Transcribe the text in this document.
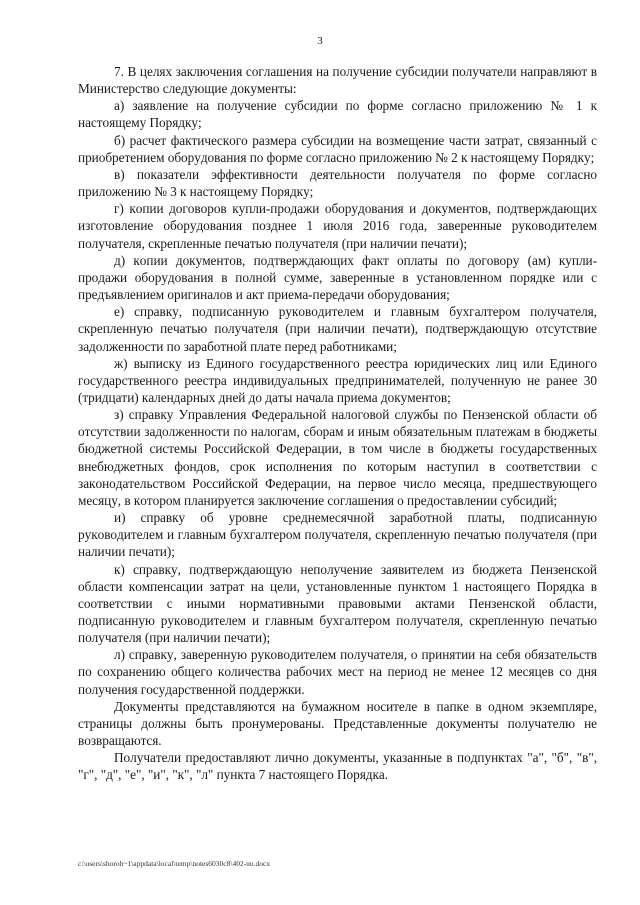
3

7. В целях заключения соглашения на получение субсидии получатели направляют в Министерство следующие документы:

а) заявление на получение субсидии по форме согласно приложению № 1 к настоящему Порядку;

б) расчет фактического размера субсидии на возмещение части затрат, связанный с приобретением оборудования по форме согласно приложению № 2 к настоящему Порядку;

в) показатели эффективности деятельности получателя по форме согласно приложению № 3 к настоящему Порядку;

г) копии договоров купли-продажи оборудования и документов, подтверждающих изготовление оборудования позднее 1 июля 2016 года, заверенные руководителем получателя, скрепленные печатью получателя (при наличии печати);

д) копии документов, подтверждающих факт оплаты по договору (ам) купли-продажи оборудования в полной сумме, заверенные в установленном порядке или с предъявлением оригиналов и акт приема-передачи оборудования;

е) справку, подписанную руководителем и главным бухгалтером получателя, скрепленную печатью получателя (при наличии печати), подтверждающую отсутствие задолженности по заработной плате перед работниками;

ж) выписку из Единого государственного реестра юридических лиц или Единого государственного реестра индивидуальных предпринимателей, полученную не ранее 30 (тридцати) календарных дней до даты начала приема документов;

з) справку Управления Федеральной налоговой службы по Пензенской области об отсутствии задолженности по налогам, сборам и иным обязательным платежам в бюджеты бюджетной системы Российской Федерации, в том числе в бюджеты государственных внебюджетных фондов, срок исполнения по которым наступил в соответствии с законодательством Российской Федерации, на первое число месяца, предшествующего месяцу, в котором планируется заключение соглашения о предоставлении субсидий;

и) справку об уровне среднемесячной заработной платы, подписанную руководителем и главным бухгалтером получателя, скрепленную печатью получателя (при наличии печати);

к) справку, подтверждающую неполучение заявителем из бюджета Пензенской области компенсации затрат на цели, установленные пунктом 1 настоящего Порядка в соответствии с иными нормативными правовыми актами Пензенской области, подписанную руководителем и главным бухгалтером получателя, скрепленную печатью получателя (при наличии печати);

л) справку, заверенную руководителем получателя, о принятии на себя обязательств по сохранению общего количества рабочих мест на период не менее 12 месяцев со дня получения государственной поддержки.

Документы представляются на бумажном носителе в папке в одном экземпляре, страницы должны быть пронумерованы. Представленные документы получателю не возвращаются.

Получатели предоставляют лично документы, указанные в подпунктах "а", "б", "в", "г", "д", "е", "и", "к", "л" пункта 7 настоящего Порядка.

c:\users\shoroh~1\appdata\local\temp\notes6030c8\402-nu.docx
